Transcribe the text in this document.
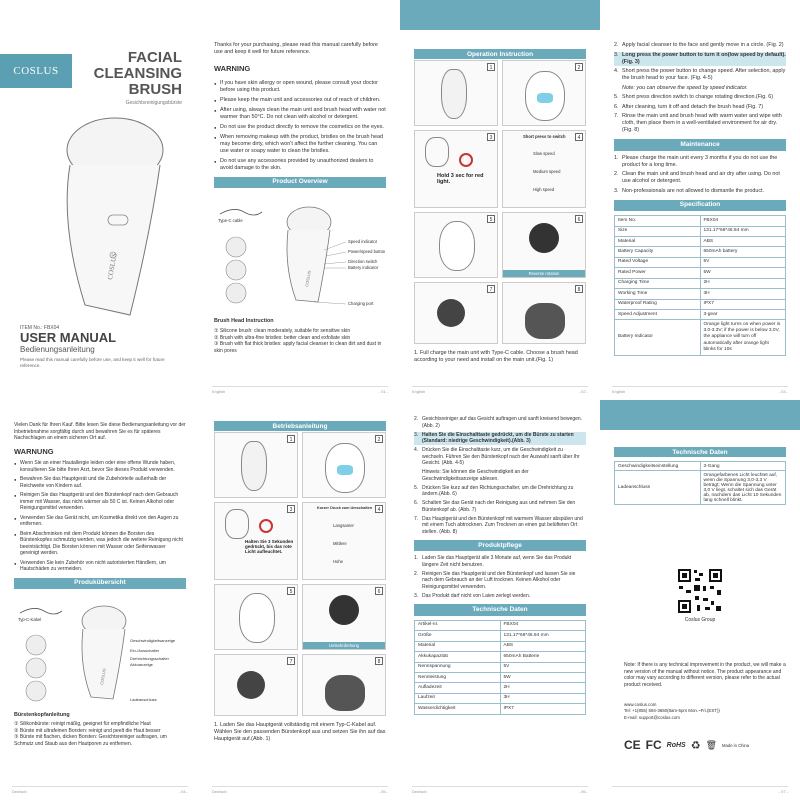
COSLUS
FACIAL
CLEANSING
BRUSH
Gesichtsreinigungsbürste
COSLUS
ITEM No.: FBX04
USER MANUAL
Bedienungsanleitung
Please read this manual carefully before use, and keep it well for future reference.
Thanks for your purchasing, please read this manual carefully before use and keep it well for future reference.
WARNING
● If you have skin allergy or open wound, please consult your doctor before using this product.
● Please keep the main unit and accessories out of reach of children.
● After using, always clean the main unit and brush head with water not warmer than 50°C. Do not clean with alcohol or detergent.
● Do not use the product directly to remove the cosmetics on the eyes.
● When removing makeup with the product, bristles on the brush head may become dirty, which won't affect the further cleaning. You can use water or soapy water to clean the bristles.
● Do not use any accessories provided by unauthorized dealers to avoid damage to the skin.
Product Overview
COSLUS
Type-C cable
Speed indicator
Power/speed button
Direction switch
Battery indicator
Charging port
Brush Head Instruction
① Silicone brush: clean moderately, suitable for sensitive skin
② Brush with ultra-fine bristles: better clean and exfoliate skin
③ Brush with flat thick bristles: apply facial cleanser to clean dirt and dust in skin pores
English	- 01 -
Operation Instruction
1	2
3
Hold 3 sec for red light.
4
Short press to switch
Slow speed
Medium speed
High speed
5	6
Reverse rotation
7	8
1. Full charge the main unit with Type-C cable. Choose a brush head according to your need and install on the main unit.(Fig. 1)
English	- 02 -
2. Apply facial cleanser to the face and gently move in a circle. (Fig. 2)
3. Long press the power button to turn it on(low speed by default). (Fig. 3)
4. Short press the power button to change speed. After selection, apply the brush head to your face. (Fig. 4-5)
Note: you can observe the speed by speed indicator.
5. Short press direction switch to change rotating direction.(Fig. 6)
6. After cleaning, turn it off and detach the brush head (Fig. 7)
7. Rinse the main unit and brush head with warm water and wipe with cloth, then place them in a well-ventilated environment for air dry.(Fig. 8)
Maintenance
1. Please charge the main unit every 3 months if you do not use the product for a long time.
2. Clean the main unit and brush head and air dry after using. Do not use alcohol or detergent.
3. Non-professionals are not allowed to dismantle the product.
Specification
Item No.	FBX04
Size	131.17*68*46.94 mm
Material	ABS
Battery Capacity	650mAh battery
Rated Voltage	5V
Rated Power	5W
Charging Time	2H
Working Time	3H
Waterproof Rating	IPX7
Speed Adjustment	3-gear
Battery Indicator	Orange light turns on when power is 3.0-3.3V; if the power is below 3.0V, the appliance will turn off automatically after orange light blinks for 10s
English	- 03 -
Vielen Dank für Ihren Kauf. Bitte lesen Sie diese Bedienungsanleitung vor der Inbetriebnahme sorgfältig durch und bewahren Sie es für späteres Nachschlagen an einem sicheren Ort auf.
WARNUNG
● Wenn Sie an einer Hautallergie leiden oder eine offene Wunde haben, konsultieren Sie bitte Ihren Arzt, bevor Sie dieses Produkt verwenden.
● Bewahren Sie das Hauptgerät und die Zubehörteile außerhalb der Reichweite von Kindern auf.
● Reinigen Sie das Hauptgerät und den Bürstenkopf nach dem Gebrauch immer mit Wasser, das nicht wärmer als 50 C ist. Keinen Alkohol oder Reinigungsmittel verwenden.
● Verwenden Sie das Gerät nicht, um Kosmetika direkt von den Augen zu entfernen.
● Beim Abschminken mit dem Produkt können die Borsten des Bürstenkopfes schmutzig werden, was jedoch die weitere Reinigung nicht beeinträchtigt. Die Borsten können mit Wasser oder Seifenwasser gereinigt werden.
● Verwenden Sie kein Zubehör von nicht autorisierten Händlern, um Hautschäden zu vermeiden.
Produkübersicht
COSLUS
Typ-C-Kabel
Geschwindigkeitsanzeige
Ein-/Ausschalter
Drehrichtungsschalter
Akkuanzeige
Ladeanschluss
Bürstenkopfanleitung
① Silikonbürste: reinigt mäßig, geeignet für empfindliche Haut
② Bürste mit ultrafeinen Borsten: reinigt und peelt die Haut besser
③ Bürste mit flachen, dicken Borsten: Gesichtsreiniger auftragen, um Schmutz und Staub aus den Hautporen zu entfernen.
Deutsch	- 04 -
Betriebsanleitung
1	2
3
Halten Sie 3 Sekunden gedrückt, bis das rote Licht aufleuchtet.
4
Kurzer Druck zum Umschalten
Langsamer
Mittlere
Hohe
5	6
Umkehrdrehung
7	8
1. Laden Sie das Hauptgerät vollständig mit einem Typ-C-Kabel auf. Wählen Sie den passenden Bürstenkopf aus und setzen Sie ihn auf das Hauptgerät auf.(Abb. 1)
Deutsch	- 05 -
2. Gesichtsreiniger auf das Gesicht auftragen und sanft kreisend bewegen. (Abb. 2)
3. Halten Sie die Einschalttaste gedrückt, um die Bürste zu starten (Standard: niedrige Geschwindigkeit).(Abb. 3)
4. Drücken Sie die Einschalttaste kurz, um die Geschwindigkeit zu wechseln. Führen Sie den Bürstenkopf nach der Auswahl sanft über Ihr Gesicht. (Abb. 4-5)
Hinweis: Sie können die Geschwindigkeit an der Geschwindigkeitsanzeige ablesen.
5. Drücken Sie kurz auf den Richtungsschalter, um die Drehrichtung zu ändern.(Abb. 6)
6. Schalten Sie das Gerät nach der Reinigung aus und nehmen Sie den Bürstenkopf ab. (Abb. 7)
7. Das Hauptgerät und den Bürstenkopf mit warmem Wasser abspülen und mit einem Tuch abtrocknen. Zum Trocknen an einen gut belüfteten Ort stellen. (Abb. 8)
Produktpflege
1. Laden Sie das Hauptgerät alle 3 Monate auf, wenn Sie das Produkt längere Zeit nicht benutzen.
2. Reinigen Sie das Hauptgerät und den Bürstenkopf und lassen Sie sie nach dem Gebrauch an der Luft trocknen. Keinen Alkohol oder Reinigungsmittel verwenden.
3. Das Produkt darf nicht von Laien zerlegt werden.
Technische Daten
Artikel-nr.	FBX04
Größe	131.17*68*46.94 mm
Material	ABS
Akkukapazität	650mAh Batterie
Nennspannung	5V
Nennleistung	5W
Aufladezeit	2H
Laufzeit	3H
Wasserdichtigkeit	IPX7
Deutsch	- 06 -
Technische Daten
Geschwindigkeitseinstellung	3-Gang
Ladeanschluss	Orangefarbenes Licht leuchtet auf, wenn die Spannung 3,0-3,3 V beträgt; Wenn die Spannung unter 3,0 V liegt, schaltet sich das Gerät ab, nachdem das Licht 10 Sekunden lang schnell blinkt.
Coslus Group
Note: If there is any technical improvement in the product, we will make a new version of the manual without notice. The product appearance and color may vary according to different version, please refer to the actual product received.
www.coslus.com
Tel: +1(855) 594-3650(8am-5pm Mon.~Fri.(EST))
E-mail: support@coslus.com
CE FC RoHS ♻ 🗑 Made in China
- 07 -
